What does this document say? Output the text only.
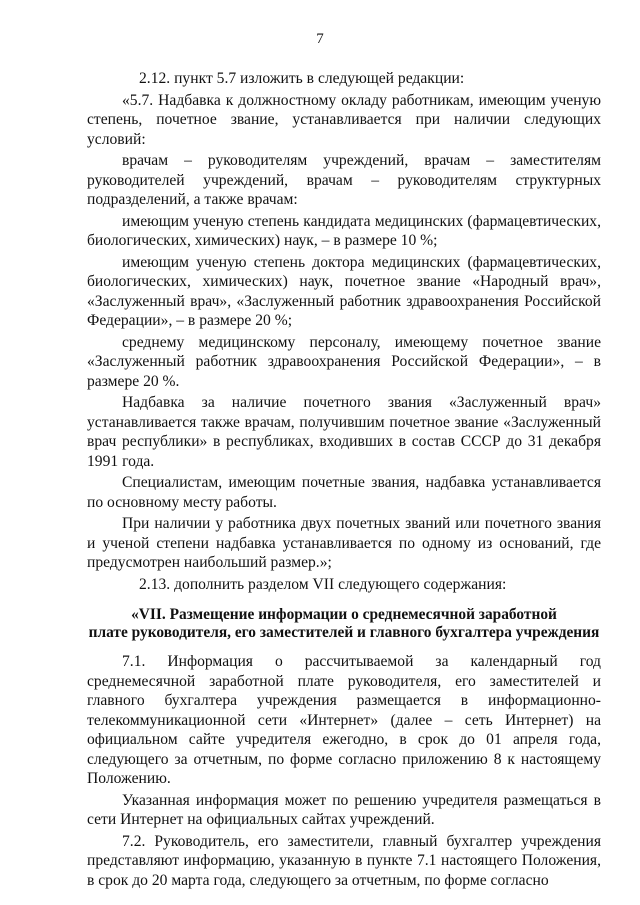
7

2.12. пункт 5.7 изложить в следующей редакции:

«5.7. Надбавка к должностному окладу работникам, имеющим ученую степень, почетное звание, устанавливается при наличии следующих условий:

врачам – руководителям учреждений, врачам – заместителям руководителей учреждений, врачам – руководителям структурных подразделений, а также врачам:

имеющим ученую степень кандидата медицинских (фармацевтических, биологических, химических) наук, – в размере 10 %;

имеющим ученую степень доктора медицинских (фармацевтических, биологических, химических) наук, почетное звание «Народный врач», «Заслуженный врач», «Заслуженный работник здравоохранения Российской Федерации», – в размере 20 %;

среднему медицинскому персоналу, имеющему почетное звание «Заслуженный работник здравоохранения Российской Федерации», – в размере 20 %.

Надбавка за наличие почетного звания «Заслуженный врач» устанавливается также врачам, получившим почетное звание «Заслуженный врач республики» в республиках, входивших в состав СССР до 31 декабря 1991 года.

Специалистам, имеющим почетные звания, надбавка устанавливается по основному месту работы.

При наличии у работника двух почетных званий или почетного звания и ученой степени надбавка устанавливается по одному из оснований, где предусмотрен наибольший размер.»;

2.13. дополнить разделом VII следующего содержания:

«VII. Размещение информации о среднемесячной заработной
плате руководителя, его заместителей и главного бухгалтера учреждения

7.1. Информация о рассчитываемой за календарный год среднемесячной заработной плате руководителя, его заместителей и главного бухгалтера учреждения размещается в информационно-телекоммуникационной сети «Интернет» (далее – сеть Интернет) на официальном сайте учредителя ежегодно, в срок до 01 апреля года, следующего за отчетным, по форме согласно приложению 8 к настоящему Положению.

Указанная информация может по решению учредителя размещаться в сети Интернет на официальных сайтах учреждений.

7.2. Руководитель, его заместители, главный бухгалтер учреждения представляют информацию, указанную в пункте 7.1 настоящего Положения, в срок до 20 марта года, следующего за отчетным, по форме согласно
